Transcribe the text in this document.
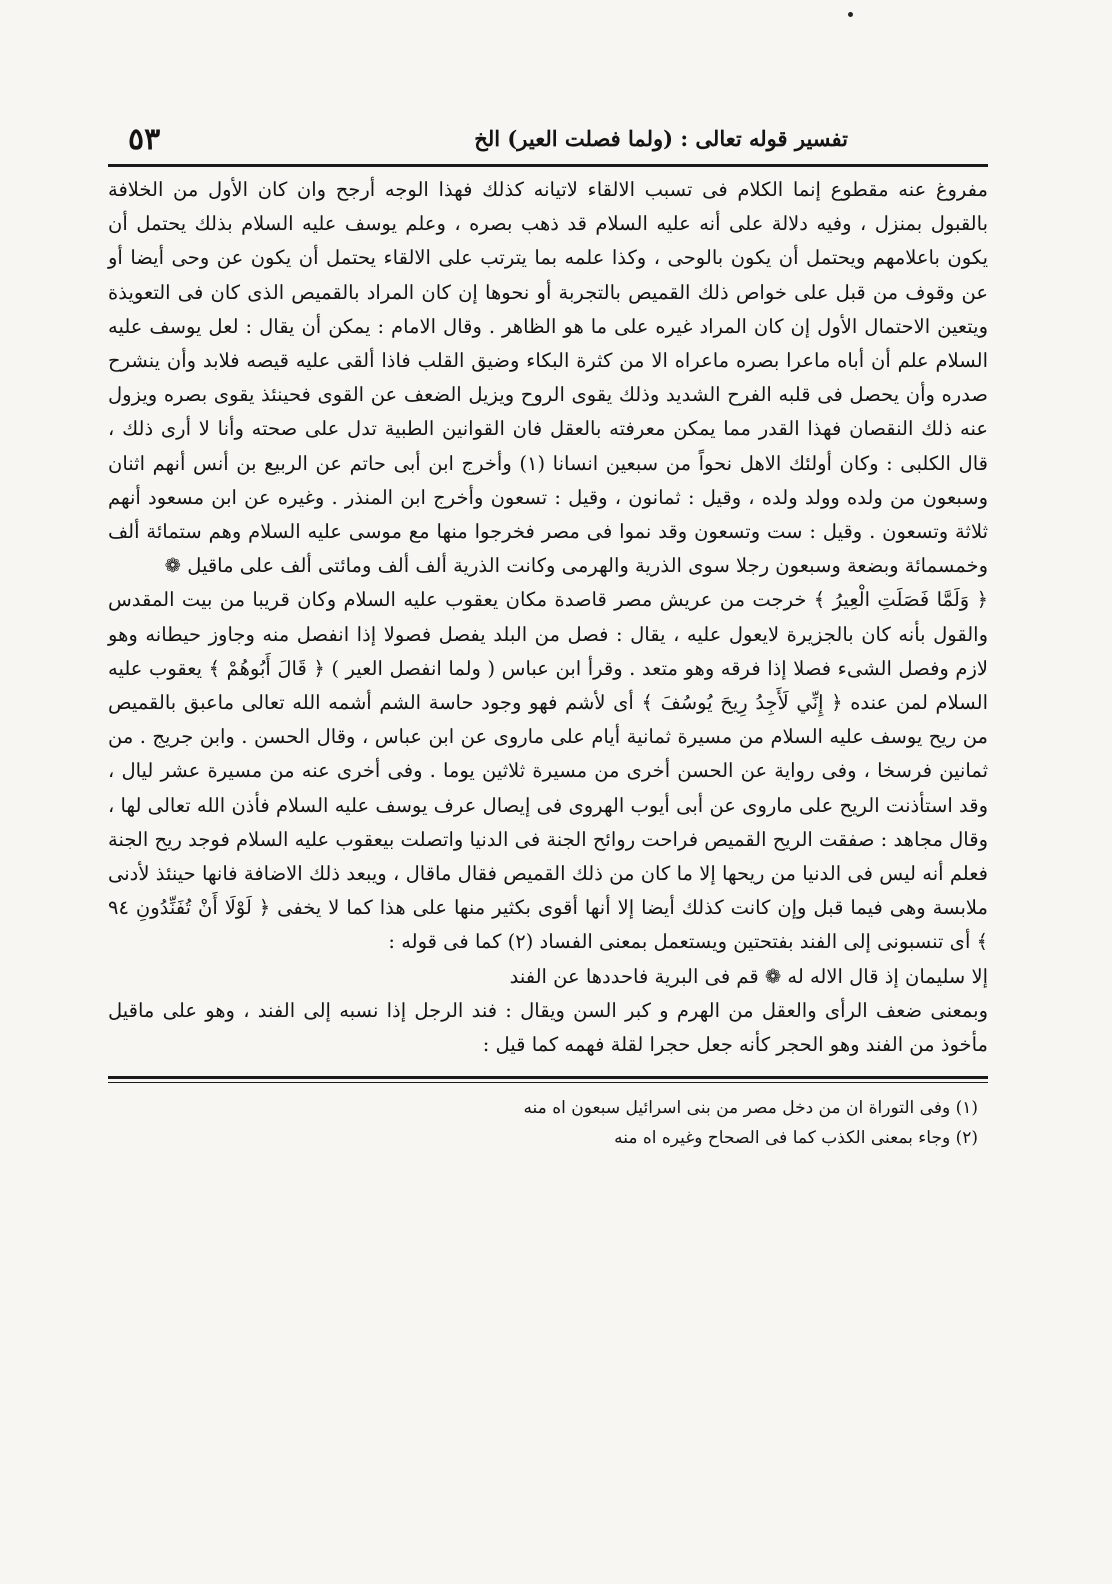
تفسير قوله تعالى : (ولما فصلت العير) الخ
٥٣

مفروغ عنه مقطوع إنما الكلام فى تسبب الالقاء لاتيانه كذلك فهذا الوجه أرجح وان كان الأول من الخلافة بالقبول بمنزل ، وفيه دلالة على أنه عليه السلام قد ذهب بصره ، وعلم يوسف عليه السلام بذلك يحتمل أن يكون باعلامهم ويحتمل أن يكون بالوحى ، وكذا علمه بما يترتب على الالقاء يحتمل أن يكون عن وحى أيضا أو عن وقوف من قبل على خواص ذلك القميص بالتجربة أو نحوها إن كان المراد بالقميص الذى كان فى التعويذة ويتعين الاحتمال الأول إن كان المراد غيره على ما هو الظاهر . وقال الامام : يمكن أن يقال : لعل يوسف عليه السلام علم أن أباه ماعرا بصره ماعراه الا من كثرة البكاء وضيق القلب فاذا ألقى عليه قيصه فلابد وأن ينشرح صدره وأن يحصل فى قلبه الفرح الشديد وذلك يقوى الروح ويزيل الضعف عن القوى فحينئذ يقوى بصره ويزول عنه ذلك النقصان فهذا القدر مما يمكن معرفته بالعقل فان القوانين الطبية تدل على صحته وأنا لا أرى ذلك ، قال الكلبى : وكان أولئك الاهل نحواً من سبعين انسانا (١) وأخرج ابن أبى حاتم عن الربيع بن أنس أنهم اثنان وسبعون من ولده وولد ولده ، وقيل : ثمانون ، وقيل : تسعون وأخرج ابن المنذر . وغيره عن ابن مسعود أنهم ثلاثة وتسعون . وقيل : ست وتسعون وقد نموا فى مصر فخرجوا منها مع موسى عليه السلام وهم ستمائة ألف وخمسمائة وبضعة وسبعون رجلا سوى الذرية والهرمى وكانت الذرية ألف ألف ومائتى ألف على ماقيل ❁

﴿ وَلَمَّا فَصَلَتِ الْعِيرُ ﴾ خرجت من عريش مصر قاصدة مكان يعقوب عليه السلام وكان قريبا من بيت المقدس والقول بأنه كان بالجزيرة لايعول عليه ، يقال : فصل من البلد يفصل فصولا إذا انفصل منه وجاوز حيطانه وهو لازم وفصل الشىء فصلا إذا فرقه وهو متعد . وقرأ ابن عباس ( ولما انفصل العير ) ﴿ قَالَ أَبُوهُمْ ﴾ يعقوب عليه السلام لمن عنده ﴿ إِنِّي لَأَجِدُ رِيحَ يُوسُفَ ﴾ أى لأشم فهو وجود حاسة الشم أشمه الله تعالى ماعبق بالقميص من ريح يوسف عليه السلام من مسيرة ثمانية أيام على ماروى عن ابن عباس ، وقال الحسن . وابن جريج . من ثمانين فرسخا ، وفى رواية عن الحسن أخرى من مسيرة ثلاثين يوما . وفى أخرى عنه من مسيرة عشر ليال ، وقد استأذنت الريح على ماروى عن أبى أيوب الهروى فى إيصال عرف يوسف عليه السلام فأذن الله تعالى لها ، وقال مجاهد : صفقت الريح القميص فراحت روائح الجنة فى الدنيا واتصلت بيعقوب عليه السلام فوجد ريح الجنة فعلم أنه ليس فى الدنيا من ريحها إلا ما كان من ذلك القميص فقال ماقال ، ويبعد ذلك الاضافة فانها حينئذ لأدنى ملابسة وهى فيما قبل وإن كانت كذلك أيضا إلا أنها أقوى بكثير منها على هذا كما لا يخفى ﴿ لَوْلَا أَنْ تُفَنِّدُونِ ٩٤ ﴾ أى تنسبونى إلى الفند بفتحتين ويستعمل بمعنى الفساد (٢) كما فى قوله :

إلا سليمان إذ قال الاله له ❁ قم فى البرية فاحددها عن الفند

وبمعنى ضعف الرأى والعقل من الهرم و كبر السن ويقال : فند الرجل إذا نسبه إلى الفند ، وهو على ماقيل مأخوذ من الفند وهو الحجر كأنه جعل حجرا لقلة فهمه كما قيل :

(١) وفى التوراة ان من دخل مصر من بنى اسرائيل سبعون اه منه
(٢) وجاء بمعنى الكذب كما فى الصحاح وغيره اه منه
